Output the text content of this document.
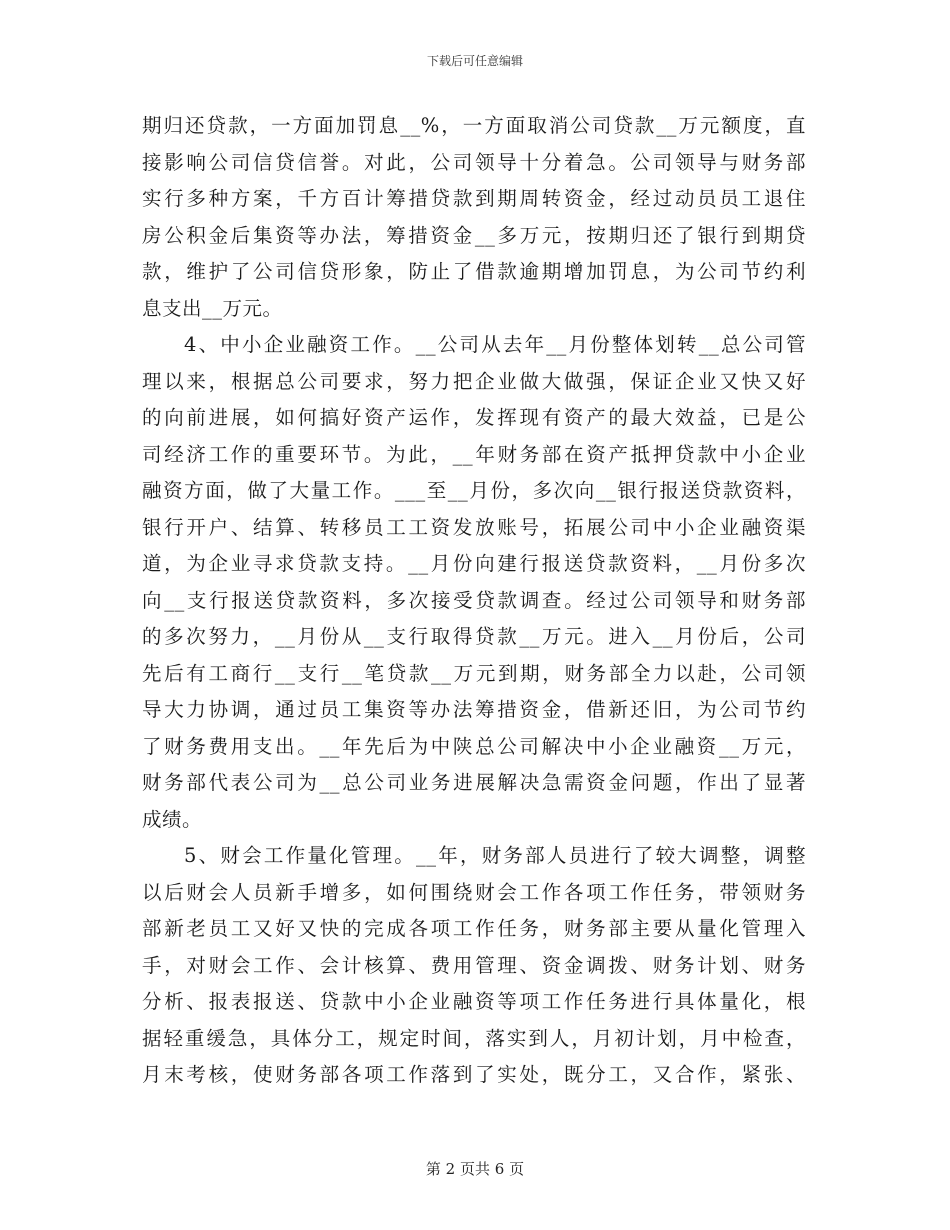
下载后可任意编辑
期归还贷款，一方面加罚息__%，一方面取消公司贷款__万元额度，直
接影响公司信贷信誉。对此，公司领导十分着急。公司领导与财务部
实行多种方案，千方百计筹措贷款到期周转资金，经过动员员工退住
房公积金后集资等办法，筹措资金__多万元，按期归还了银行到期贷
款，维护了公司信贷形象，防止了借款逾期增加罚息，为公司节约利
息支出__万元。
4、中小企业融资工作。__公司从去年__月份整体划转__总公司管
理以来，根据总公司要求，努力把企业做大做强，保证企业又快又好
的向前进展，如何搞好资产运作，发挥现有资产的最大效益，已是公
司经济工作的重要环节。为此，__年财务部在资产抵押贷款中小企业
融资方面，做了大量工作。___至__月份，多次向__银行报送贷款资料，
银行开户、结算、转移员工工资发放账号，拓展公司中小企业融资渠
道，为企业寻求贷款支持。__月份向建行报送贷款资料，__月份多次
向__支行报送贷款资料，多次接受贷款调查。经过公司领导和财务部
的多次努力，__月份从__支行取得贷款__万元。进入__月份后，公司
先后有工商行__支行__笔贷款__万元到期，财务部全力以赴，公司领
导大力协调，通过员工集资等办法筹措资金，借新还旧，为公司节约
了财务费用支出。__年先后为中陕总公司解决中小企业融资__万元，
财务部代表公司为__总公司业务进展解决急需资金问题，作出了显著
成绩。
5、财会工作量化管理。__年，财务部人员进行了较大调整，调整
以后财会人员新手增多，如何围绕财会工作各项工作任务，带领财务
部新老员工又好又快的完成各项工作任务，财务部主要从量化管理入
手，对财会工作、会计核算、费用管理、资金调拨、财务计划、财务
分析、报表报送、贷款中小企业融资等项工作任务进行具体量化，根
据轻重缓急，具体分工，规定时间，落实到人，月初计划，月中检查，
月末考核，使财务部各项工作落到了实处，既分工，又合作，紧张、
第 2 页共 6 页
